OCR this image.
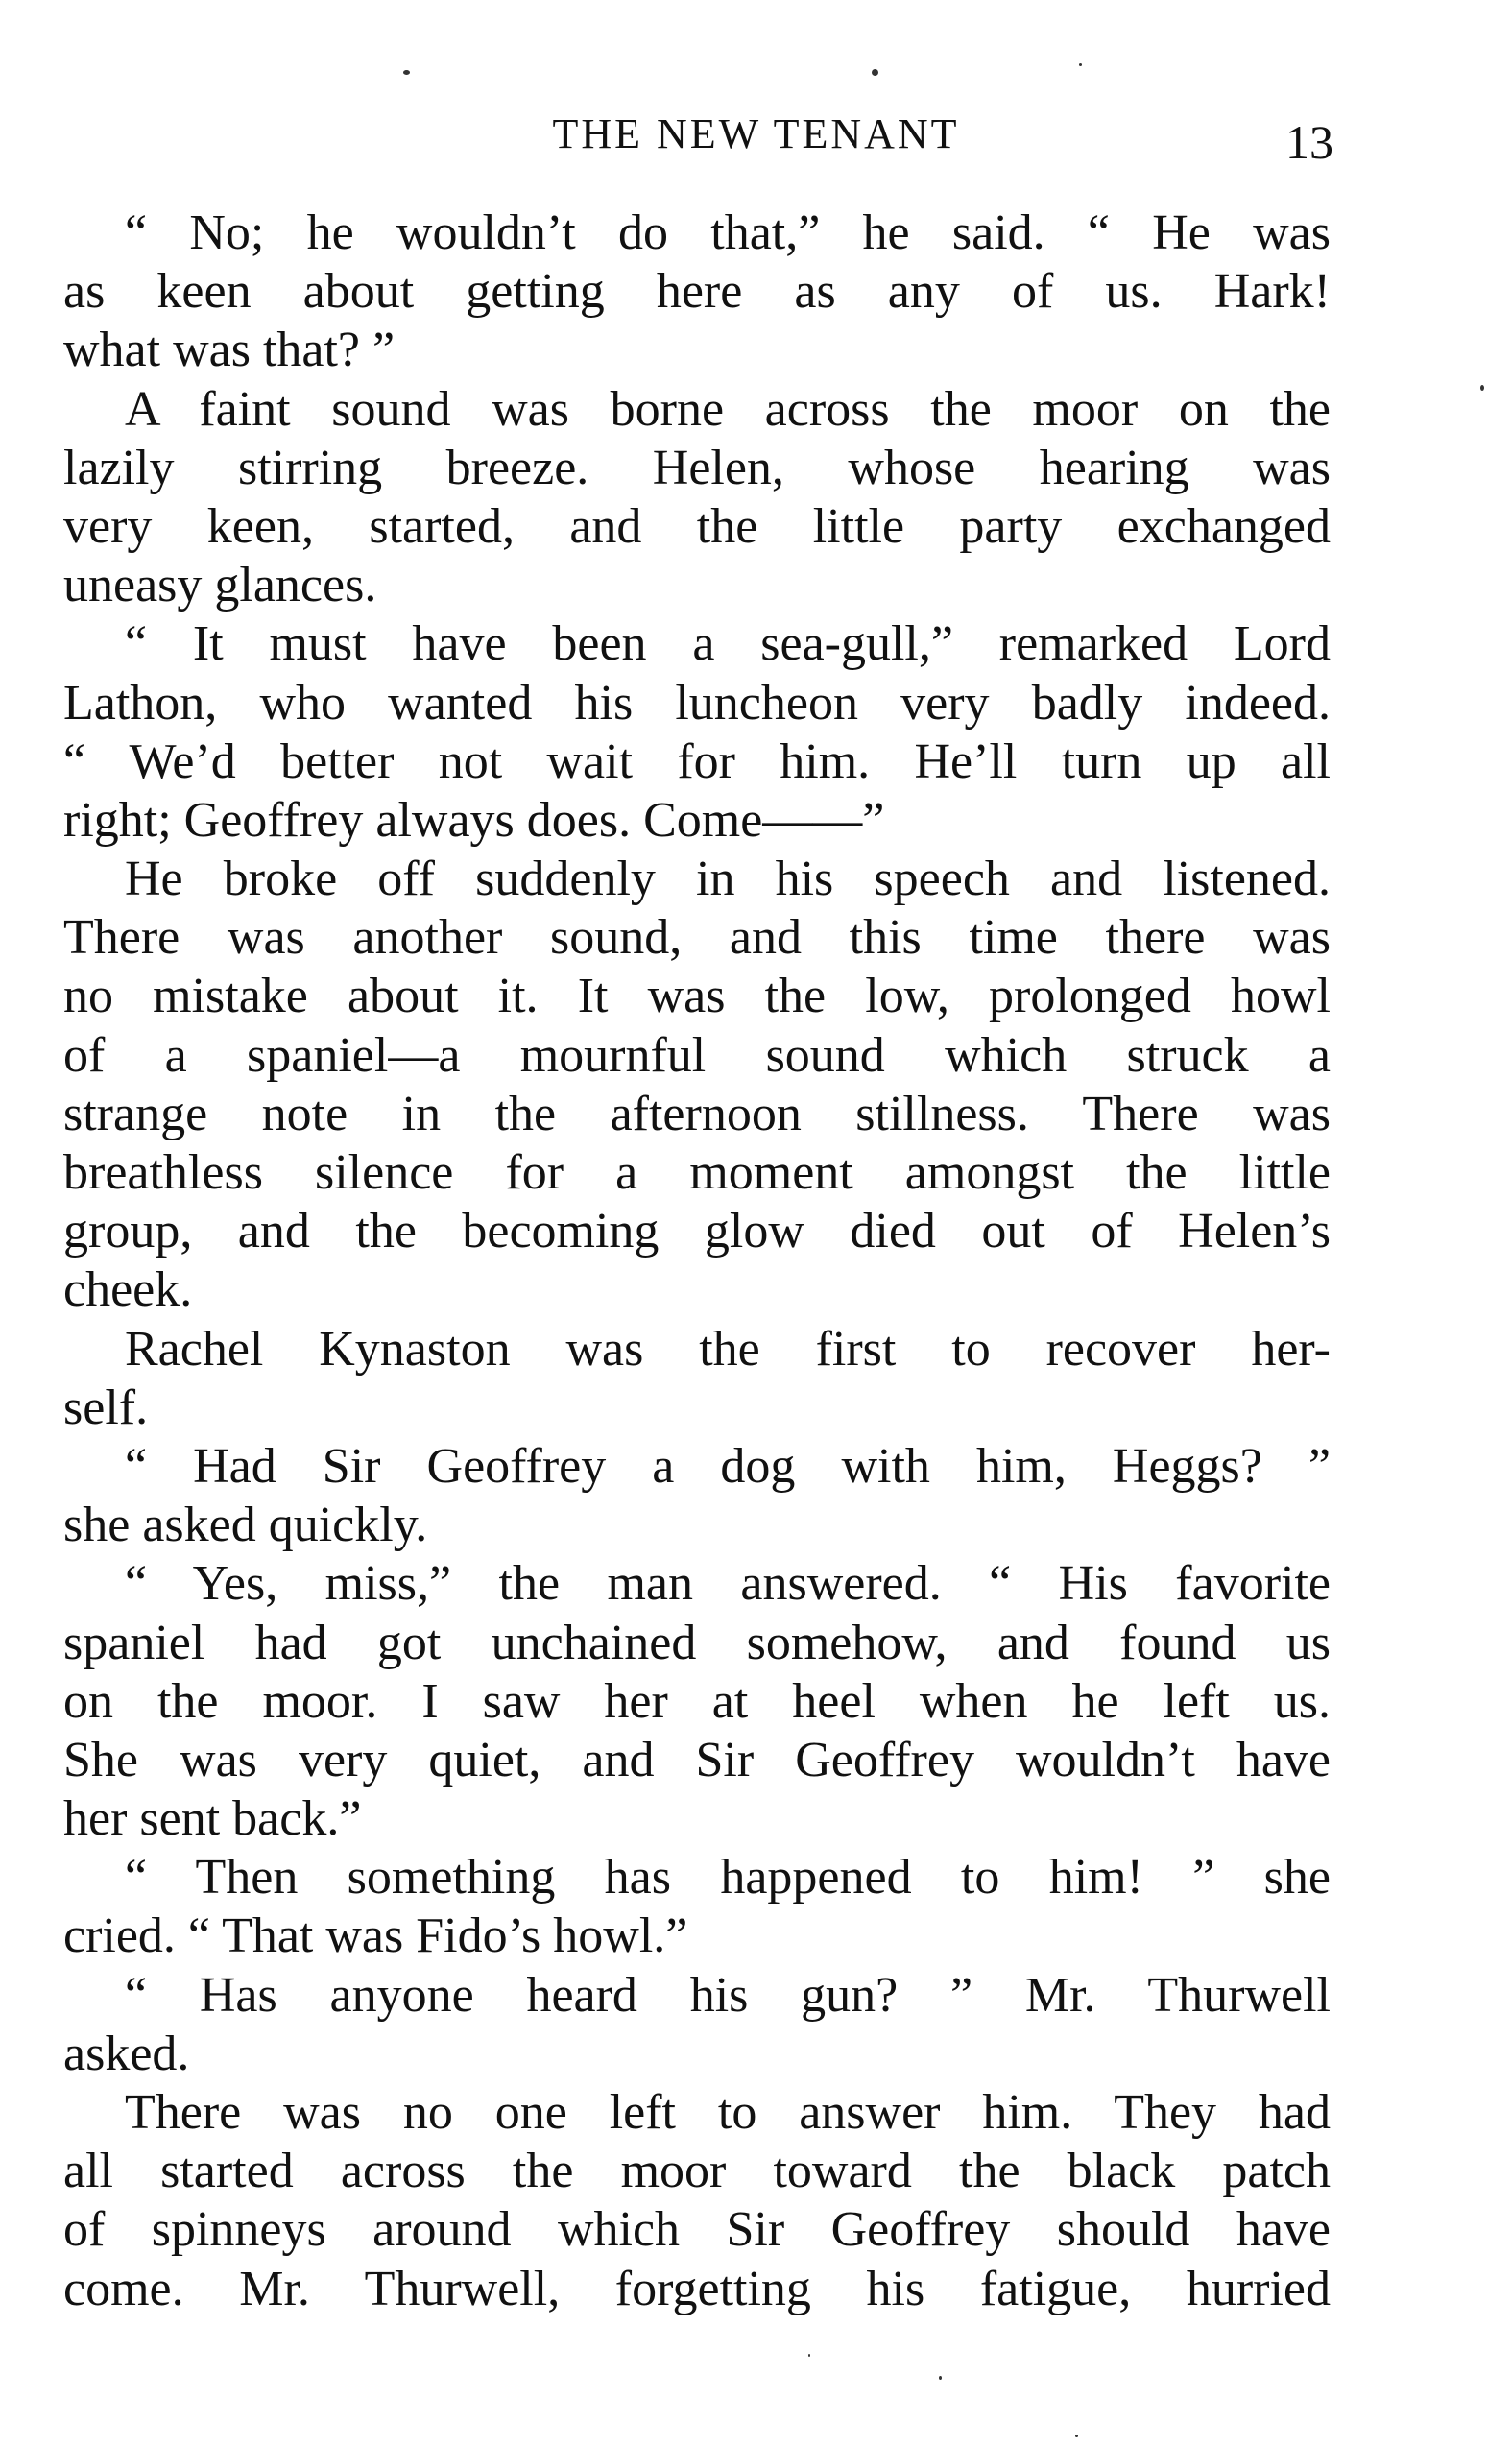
THE NEW TENANT	13
“ No; he wouldn’t do that,” he said. “ He was
as keen about getting here as any of us. Hark!
what was that? ”
A faint sound was borne across the moor on the
lazily stirring breeze. Helen, whose hearing was
very keen, started, and the little party exchanged
uneasy glances.
“ It must have been a sea-gull,” remarked Lord
Lathon, who wanted his luncheon very badly indeed.
“ We’d better not wait for him. He’ll turn up all
right; Geoffrey always does. Come——”
He broke off suddenly in his speech and listened.
There was another sound, and this time there was
no mistake about it. It was the low, prolonged howl
of a spaniel—a mournful sound which struck a
strange note in the afternoon stillness. There was
breathless silence for a moment amongst the little
group, and the becoming glow died out of Helen’s
cheek.
Rachel Kynaston was the first to recover her-
self.
“ Had Sir Geoffrey a dog with him, Heggs? ”
she asked quickly.
“ Yes, miss,” the man answered. “ His favorite
spaniel had got unchained somehow, and found us
on the moor. I saw her at heel when he left us.
She was very quiet, and Sir Geoffrey wouldn’t have
her sent back.”
“ Then something has happened to him! ” she
cried. “ That was Fido’s howl.”
“ Has anyone heard his gun? ” Mr. Thurwell
asked.
There was no one left to answer him. They had
all started across the moor toward the black patch
of spinneys around which Sir Geoffrey should have
come. Mr. Thurwell, forgetting his fatigue, hurried
